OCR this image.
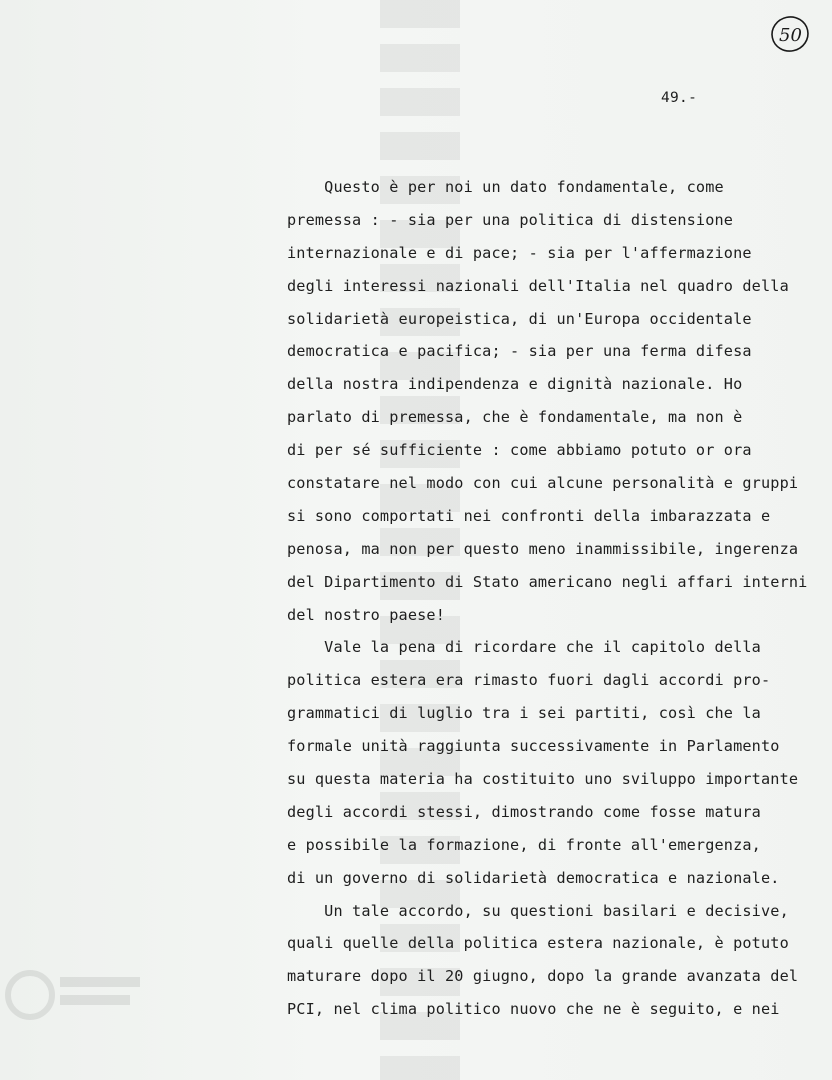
50
49.-
Questo è per noi un dato fondamentale, come
premessa : - sia per una politica di distensione
internazionale e di pace; - sia per l'affermazione
degli interessi nazionali dell'Italia nel quadro della
solidarietà europeistica, di un'Europa occidentale
democratica e pacifica; - sia per una ferma difesa
della nostra indipendenza e dignità nazionale. Ho
parlato di premessa, che è fondamentale, ma non è
di per sé sufficiente : come abbiamo potuto or ora
constatare nel modo con cui alcune personalità e gruppi
si sono comportati nei confronti della imbarazzata e
penosa, ma non per questo meno inammissibile, ingerenza
del Dipartimento di Stato americano negli affari interni
del nostro paese!
Vale la pena di ricordare che il capitolo della
politica estera era rimasto fuori dagli accordi pro-
grammatici di luglio tra i sei partiti, così che la
formale unità raggiunta successivamente in Parlamento
su questa materia ha costituito uno sviluppo importante
degli accordi stessi, dimostrando come fosse matura
e possibile la formazione, di fronte all'emergenza,
di un governo di solidarietà democratica e nazionale.
Un tale accordo, su questioni basilari e decisive,
quali quelle della politica estera nazionale, è potuto
maturare dopo il 20 giugno, dopo la grande avanzata del
PCI, nel clima politico nuovo che ne è seguito, e nei
